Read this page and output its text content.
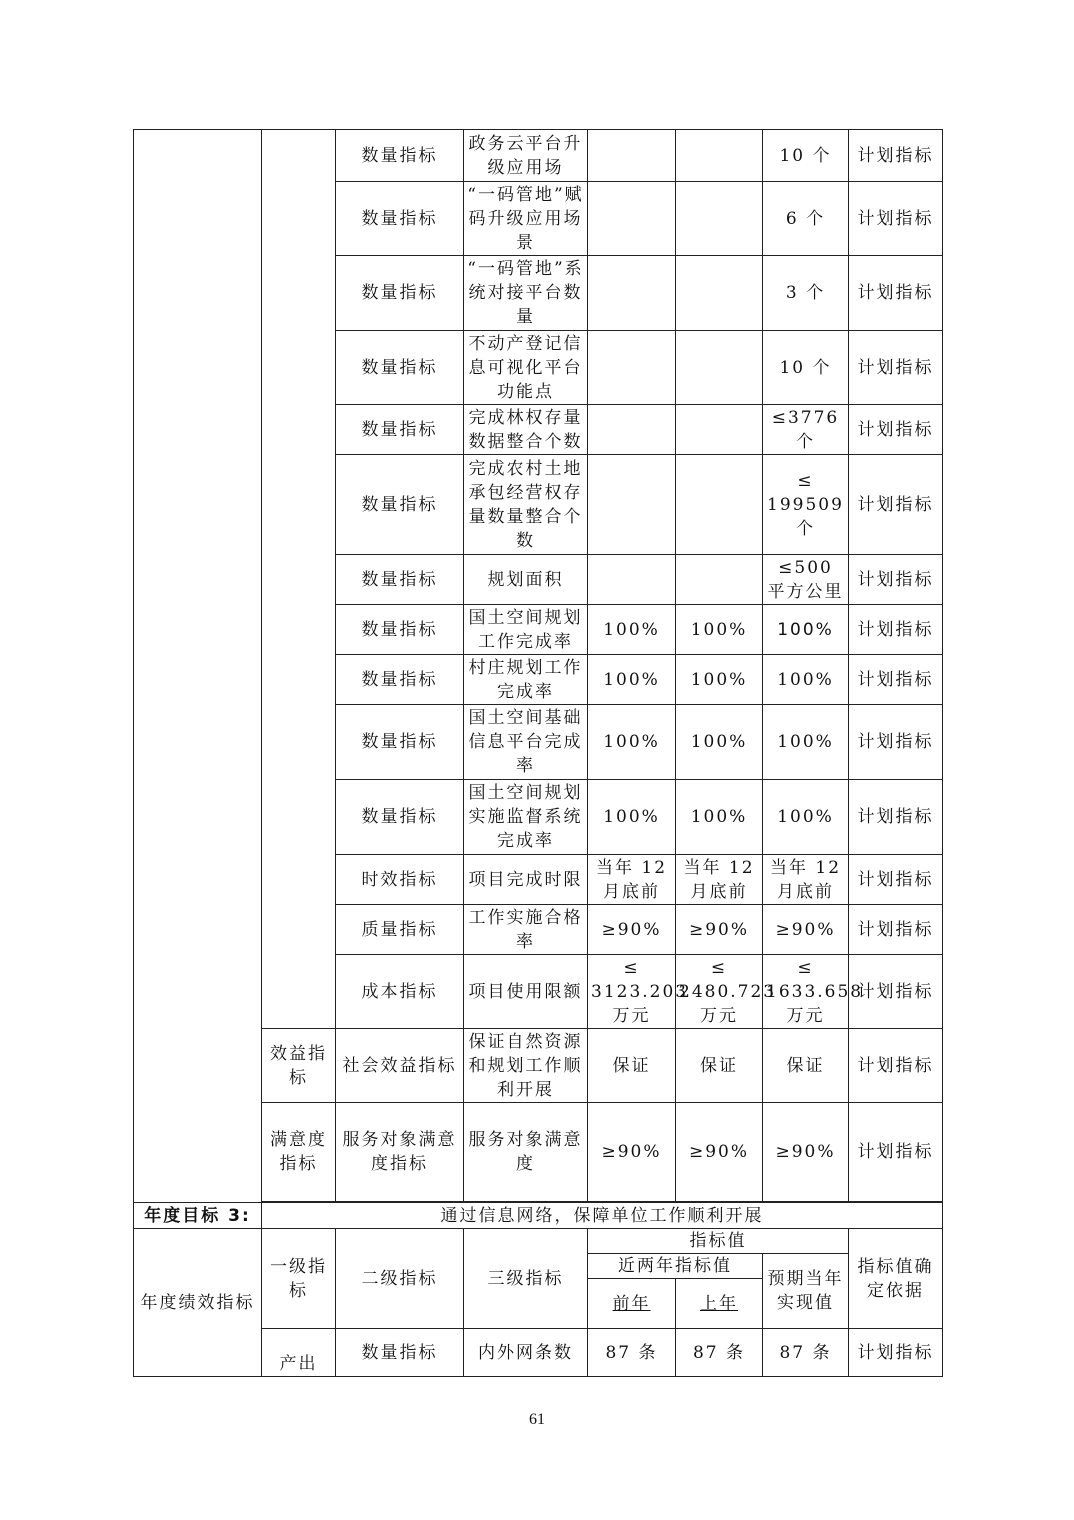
		数量指标	政务云平台升级应用场			10 个	计划指标
		数量指标	“一码管地”赋码升级应用场景			6 个	计划指标
		数量指标	“一码管地”系统对接平台数量			3 个	计划指标
		数量指标	不动产登记信息可视化平台功能点			10 个	计划指标
		数量指标	完成林权存量数据整合个数			≤3776 个	计划指标
		数量指标	完成农村土地承包经营权存量数量整合个数			≤ 199509 个	计划指标
		数量指标	规划面积			≤500 平方公里	计划指标
		数量指标	国土空间规划工作完成率	100%	100%	100%	计划指标
		数量指标	村庄规划工作完成率	100%	100%	100%	计划指标
		数量指标	国土空间基础信息平台完成率	100%	100%	100%	计划指标
		数量指标	国土空间规划实施监督系统完成率	100%	100%	100%	计划指标
		时效指标	项目完成时限	当年 12 月底前	当年 12 月底前	当年 12 月底前	计划指标
		质量指标	工作实施合格率	≥90%	≥90%	≥90%	计划指标
		成本指标	项目使用限额	≤ 3123.203 万元	≤ 2480.723 万元	≤ 1633.658 万元	计划指标
	效益指标	社会效益指标	保证自然资源和规划工作顺利开展	保证	保证	保证	计划指标
	满意度指标	服务对象满意度指标	服务对象满意度	≥90%	≥90%	≥90%	计划指标

年度目标 3:	通过信息网络，保障单位工作顺利开展						
年度绩效指标	一级指标	二级指标	三级指标	指标值			指标值确定依据
				近两年指标值		预期当年实现值	
				前年	上年		
	产出	数量指标	内外网条数	87 条	87 条	87 条	计划指标
61
